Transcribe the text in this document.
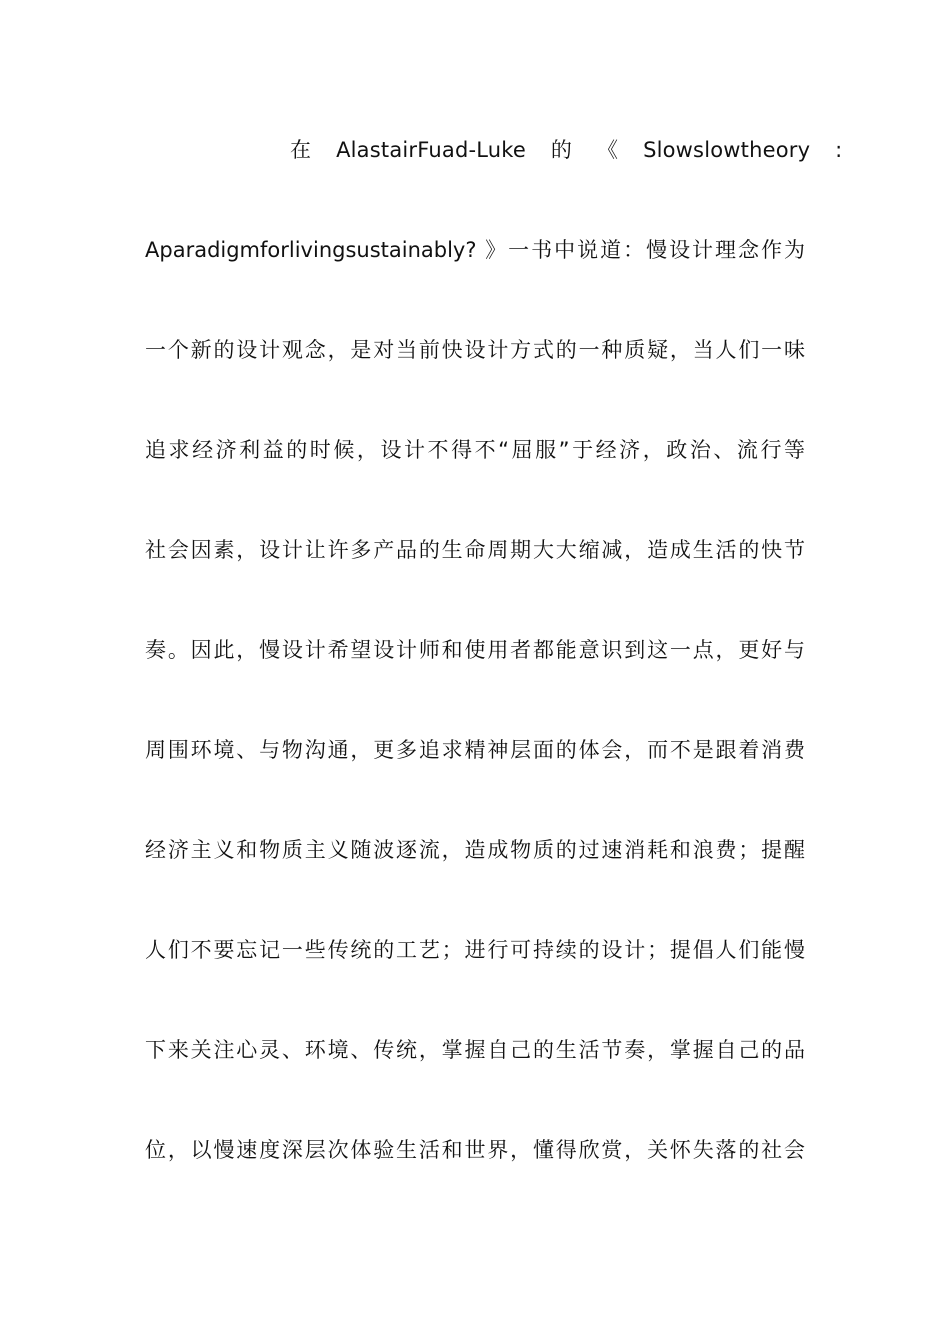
在 AlastairFuad-Luke 的 《 Slowslowtheory :
Aparadigmforlivingsustainably? 》一书中说道：慢设计理念作为
一个新的设计观念，是对当前快设计方式的一种质疑，当人们一味
追求经济利益的时候，设计不得不“屈服”于经济，政治、流行等
社会因素，设计让许多产品的生命周期大大缩减，造成生活的快节
奏。因此，慢设计希望设计师和使用者都能意识到这一点，更好与
周围环境、与物沟通，更多追求精神层面的体会，而不是跟着消费
经济主义和物质主义随波逐流，造成物质的过速消耗和浪费；提醒
人们不要忘记一些传统的工艺；进行可持续的设计；提倡人们能慢
下来关注心灵、环境、传统，掌握自己的生活节奏，掌握自己的品
位，以慢速度深层次体验生活和世界，懂得欣赏，关怀失落的社会
